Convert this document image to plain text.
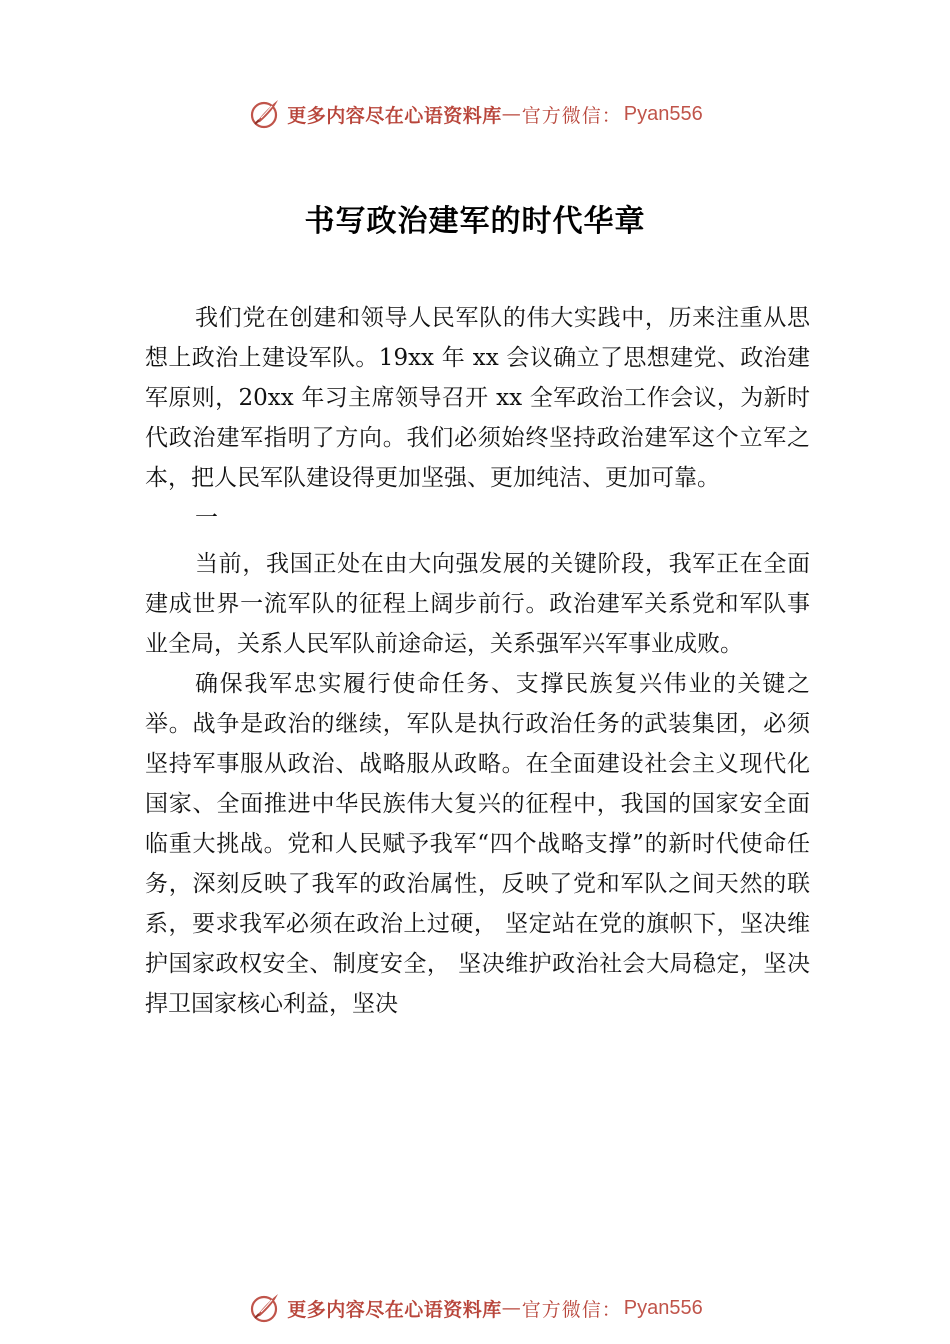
更多内容尽在心语资料库 — 官方微信： Pyan556
书写政治建军的时代华章

我们党在创建和领导人民军队的伟大实践中，历来注重从思想上政治上建设军队。19xx 年 xx 会议确立了思想建党、政治建军原则，20xx 年习主席领导召开 xx 全军政治工作会议，为新时代政治建军指明了方向。我们必须始终坚持政治建军这个立军之本，把人民军队建设得更加坚强、更加纯洁、更加可靠。

一

当前，我国正处在由大向强发展的关键阶段，我军正在全面建成世界一流军队的征程上阔步前行。政治建军关系党和军队事业全局，关系人民军队前途命运，关系强军兴军事业成败。

确保我军忠实履行使命任务、支撑民族复兴伟业的关键之举。战争是政治的继续，军队是执行政治任务的武装集团，必须坚持军事服从政治、战略服从政略。在全面建设社会主义现代化国家、全面推进中华民族伟大复兴的征程中，我国的国家安全面临重大挑战。党和人民赋予我军“四个战略支撑”的新时代使命任务，深刻反映了我军的政治属性，反映了党和军队之间天然的联系，要求我军必须在政治上过硬， 坚定站在党的旗帜下，坚决维护国家政权安全、制度安全， 坚决维护政治社会大局稳定，坚决捍卫国家核心利益，坚决

更多内容尽在心语资料库 — 官方微信： Pyan556
